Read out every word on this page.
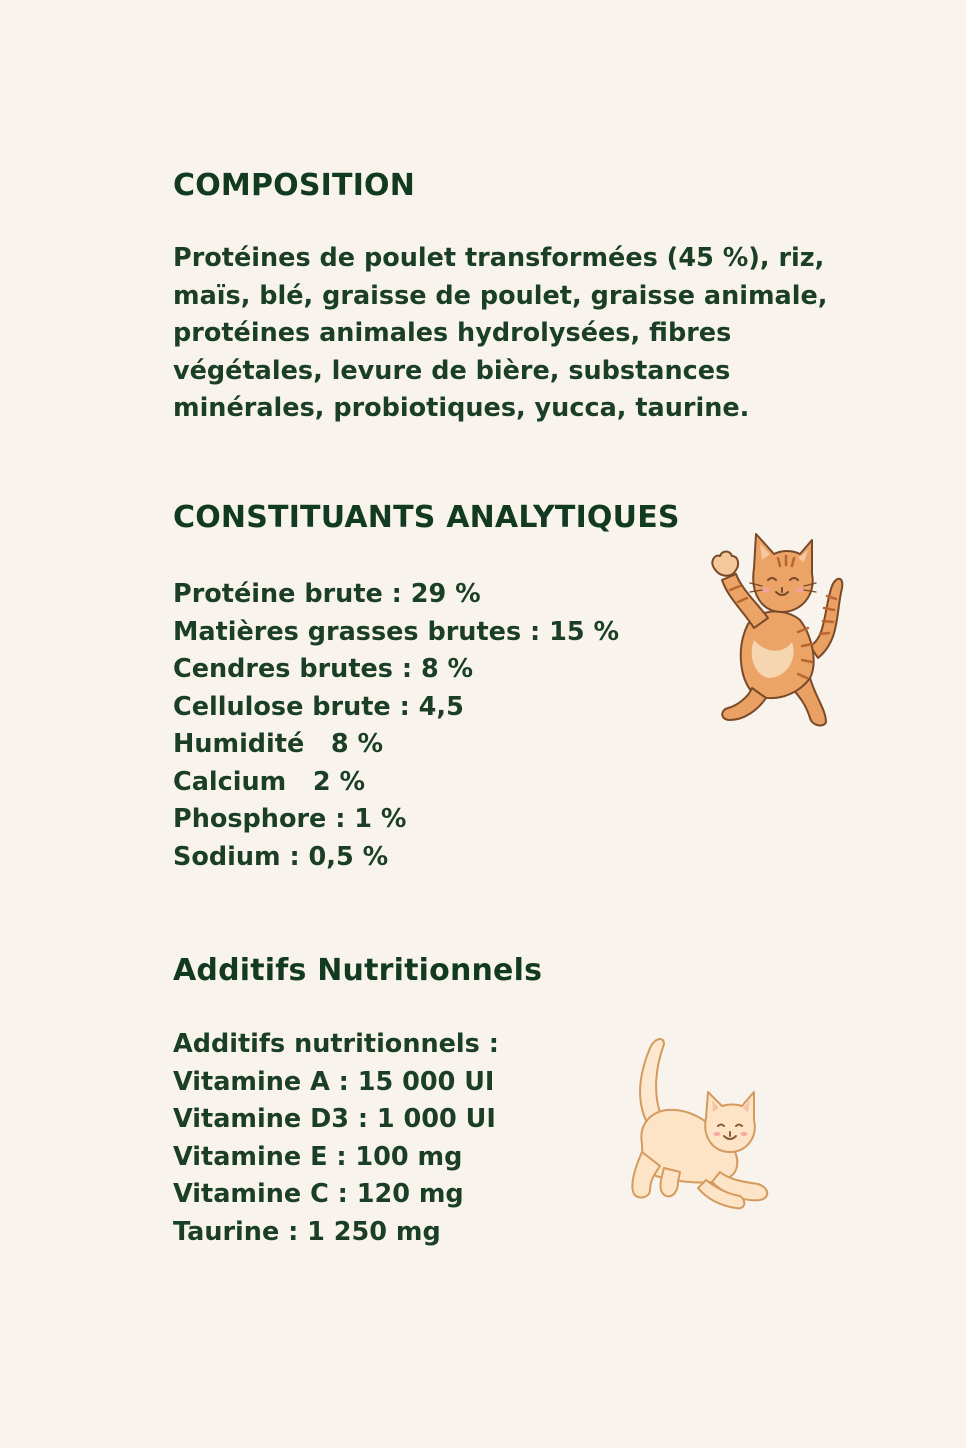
COMPOSITION
Protéines de poulet transformées (45 %), riz, maïs, blé, graisse de poulet, graisse animale, protéines animales hydrolysées, fibres végétales, levure de bière, substances minérales, probiotiques, yucca, taurine.
CONSTITUANTS ANALYTIQUES
Protéine brute : 29 %
Matières grasses brutes : 15 %
Cendres brutes : 8 %
Cellulose brute : 4,5
Humidité   8 %
Calcium   2 %
Phosphore : 1 %
Sodium : 0,5 %
Additifs Nutritionnels
Additifs nutritionnels :
Vitamine A : 15 000 UI
Vitamine D3 : 1 000 UI
Vitamine E : 100 mg
Vitamine C : 120 mg
Taurine : 1 250 mg
